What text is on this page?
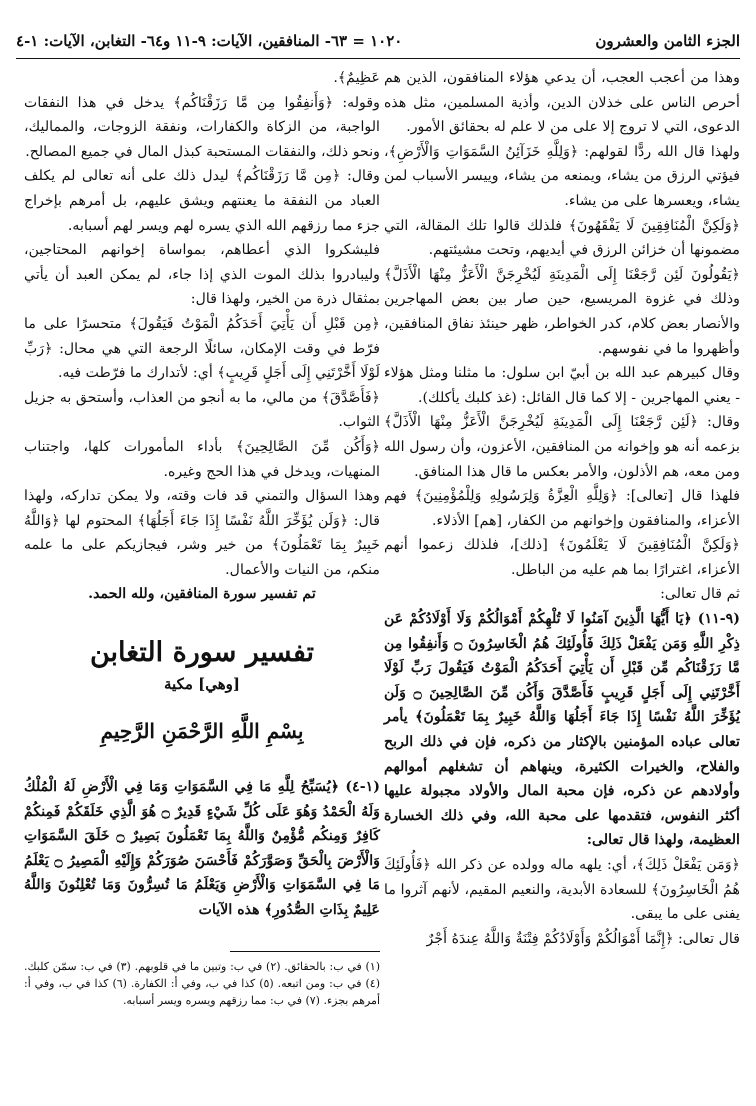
الجزء الثامن والعشرون
١٠٢٠ = ٦٣- المنافقين، الآيات: ٩-١١ و٦٤- التغابن، الآيات: ١-٤

وهذا من أعجب العجب، أن يدعي هؤلاء المنافقون، الذين هم أحرص الناس على خذلان الدين، وأذية المسلمين، مثل هذه الدعوى، التي لا تروج إلا على من لا علم له بحقائق الأمور.

ولهذا قال الله ردًّا لقولهم: ﴿وَلِلَّهِ خَزَآئِنُ السَّمَوَاتِ وَالْأَرْضِ﴾، فيؤتي الرزق من يشاء، ويمنعه من يشاء، وييسر الأسباب لمن يشاء، ويعسرها على من يشاء.

﴿وَلَكِنَّ الْمُنَافِقِينَ لَا يَفْقَهُونَ﴾ فلذلك قالوا تلك المقالة، التي مضمونها أن خزائن الرزق في أيديهم، وتحت مشيئتهم.

﴿يَقُولُونَ لَئِن رَّجَعْنَا إِلَى الْمَدِينَةِ لَيُخْرِجَنَّ الْأَعَزُّ مِنْهَا الْأَذَلَّ﴾ وذلك في غزوة المريسيع، حين صار بين بعض المهاجرين والأنصار بعض كلام، كدر الخواطر، ظهر حينئذ نفاق المنافقين، وأظهروا ما في نفوسهم.

وقال كبيرهم عبد الله بن أبيّ ابن سلول: ما مثلنا ومثل هؤلاء - يعني المهاجرين - إلا كما قال القائل: (غذ كلبك يأكلك).

وقال: ﴿لَئِن رَّجَعْنَا إِلَى الْمَدِينَةِ لَيُخْرِجَنَّ الْأَعَزُّ مِنْهَا الْأَذَلَّ﴾ بزعمه أنه هو وإخوانه من المنافقين، الأعزون، وأن رسول الله ومن معه، هم الأذلون، والأمر بعكس ما قال هذا المنافق.

فلهذا قال [تعالى]: ﴿وَلِلَّهِ الْعِزَّةُ وَلِرَسُولِهِ وَلِلْمُؤْمِنِينَ﴾ فهم الأعزاء، والمنافقون وإخوانهم من الكفار، [هم] الأذلاء.

﴿وَلَكِنَّ الْمُنَافِقِينَ لَا يَعْلَمُونَ﴾ [ذلك]، فلذلك زعموا أنهم الأعزاء، اغترارًا بما هم عليه من الباطل.

ثم قال تعالى:

(٩-١١) ﴿يَا أَيُّهَا الَّذِينَ آمَنُوا لَا تُلْهِكُمْ أَمْوَالُكُمْ وَلَا أَوْلَادُكُمْ عَن ذِكْرِ اللَّهِ وَمَن يَفْعَلْ ذَلِكَ فَأُولَئِكَ هُمُ الْخَاسِرُونَ ۝ وَأَنفِقُوا مِن مَّا رَزَقْنَاكُم مِّن قَبْلِ أَن يَأْتِيَ أَحَدَكُمُ الْمَوْتُ فَيَقُولَ رَبِّ لَوْلَا أَخَّرْتَنِي إِلَى أَجَلٍ قَرِيبٍ فَأَصَّدَّقَ وَأَكُن مِّنَ الصَّالِحِينَ ۝ وَلَن يُؤَخِّرَ اللَّهُ نَفْسًا إِذَا جَاءَ أَجَلُهَا وَاللَّهُ خَبِيرٌ بِمَا تَعْمَلُونَ﴾ يأمر تعالى عباده المؤمنين بالإكثار من ذكره، فإن في ذلك الربح والفلاح، والخيرات الكثيرة، وينهاهم أن تشغلهم أموالهم وأولادهم عن ذكره، فإن محبة المال والأولاد مجبولة عليها أكثر النفوس، فتقدمها على محبة الله، وفي ذلك الخسارة العظيمة، ولهذا قال تعالى:

﴿وَمَن يَفْعَلْ ذَلِكَ﴾، أي: يلهه ماله وولده عن ذكر الله ﴿فَأُولَئِكَ هُمُ الْخَاسِرُونَ﴾ للسعادة الأبدية، والنعيم المقيم، لأنهم آثروا ما يفنى على ما يبقى.

قال تعالى: ﴿إِنَّمَا أَمْوَالُكُمْ وَأَوْلَادُكُمْ فِتْنَةٌ وَاللَّهُ عِندَهُ أَجْرٌ

عَظِيمٌ﴾.

وقوله: ﴿وَأَنفِقُوا مِن مَّا رَزَقْنَاكُم﴾ يدخل في هذا النفقات الواجبة، من الزكاة والكفارات، ونفقة الزوجات، والمماليك، ونحو ذلك، والنفقات المستحبة كبذل المال في جميع المصالح.

وقال: ﴿مِن مَّا رَزَقْنَاكُم﴾ ليدل ذلك على أنه تعالى لم يكلف العباد من النفقة ما يعنتهم ويشق عليهم، بل أمرهم بإخراج جزء مما رزقهم الله الذي يسره لهم ويسر لهم أسبابه.

فليشكروا الذي أعطاهم، بمواساة إخوانهم المحتاجين، وليبادروا بذلك الموت الذي إذا جاء، لم يمكن العبد أن يأتي بمثقال ذرة من الخير، ولهذا قال:

﴿مِن قَبْلِ أَن يَأْتِيَ أَحَدَكُمُ الْمَوْتُ فَيَقُولَ﴾ متحسرًا على ما فرّط في وقت الإمكان، سائلًا الرجعة التي هي محال: ﴿رَبِّ لَوْلَا أَخَّرْتَنِي إِلَى أَجَلٍ قَرِيبٍ﴾ أي: لأتدارك ما فرّطت فيه.

﴿فَأَصَّدَّقَ﴾ من مالي، ما به أنجو من العذاب، وأستحق به جزيل الثواب.

﴿وَأَكُن مِّنَ الصَّالِحِينَ﴾ بأداء المأمورات كلها، واجتناب المنهيات، ويدخل في هذا الحج وغيره.

وهذا السؤال والتمني قد فات وقته، ولا يمكن تداركه، ولهذا قال: ﴿وَلَن يُؤَخِّرَ اللَّهُ نَفْسًا إِذَا جَاءَ أَجَلُهَا﴾ المحتوم لها ﴿وَاللَّهُ خَبِيرٌ بِمَا تَعْمَلُونَ﴾ من خير وشر، فيجازيكم على ما علمه منكم، من النيات والأعمال.

تم تفسير سورة المنافقين، ولله الحمد.

تفسير سورة التغابن
[وهي] مكية
بِسْمِ اللَّهِ الرَّحْمَنِ الرَّحِيمِ

(١-٤) ﴿يُسَبِّحُ لِلَّهِ مَا فِي السَّمَوَاتِ وَمَا فِي الْأَرْضِ لَهُ الْمُلْكُ وَلَهُ الْحَمْدُ وَهُوَ عَلَى كُلِّ شَيْءٍ قَدِيرٌ ۝ هُوَ الَّذِي خَلَقَكُمْ فَمِنكُمْ كَافِرٌ وَمِنكُم مُّؤْمِنٌ وَاللَّهُ بِمَا تَعْمَلُونَ بَصِيرٌ ۝ خَلَقَ السَّمَوَاتِ وَالْأَرْضَ بِالْحَقِّ وَصَوَّرَكُمْ فَأَحْسَنَ صُوَرَكُمْ وَإِلَيْهِ الْمَصِيرُ ۝ يَعْلَمُ مَا فِي السَّمَوَاتِ وَالْأَرْضِ وَيَعْلَمُ مَا تُسِرُّونَ وَمَا تُعْلِنُونَ وَاللَّهُ عَلِيمٌ بِذَاتِ الصُّدُورِ﴾ هذه الآيات

(١) في ب: بالحقائق. (٢) في ب: وتبين ما في قلوبهم. (٣) في ب: سمّن كلبك. (٤) في ب: ومن اتبعه. (٥) كذا في ب، وفي أ: الكفارة. (٦) كذا في ب، وفي أ: أمرهم بجزء. (٧) في ب: مما رزقهم ويسره ويسر أسبابه.
